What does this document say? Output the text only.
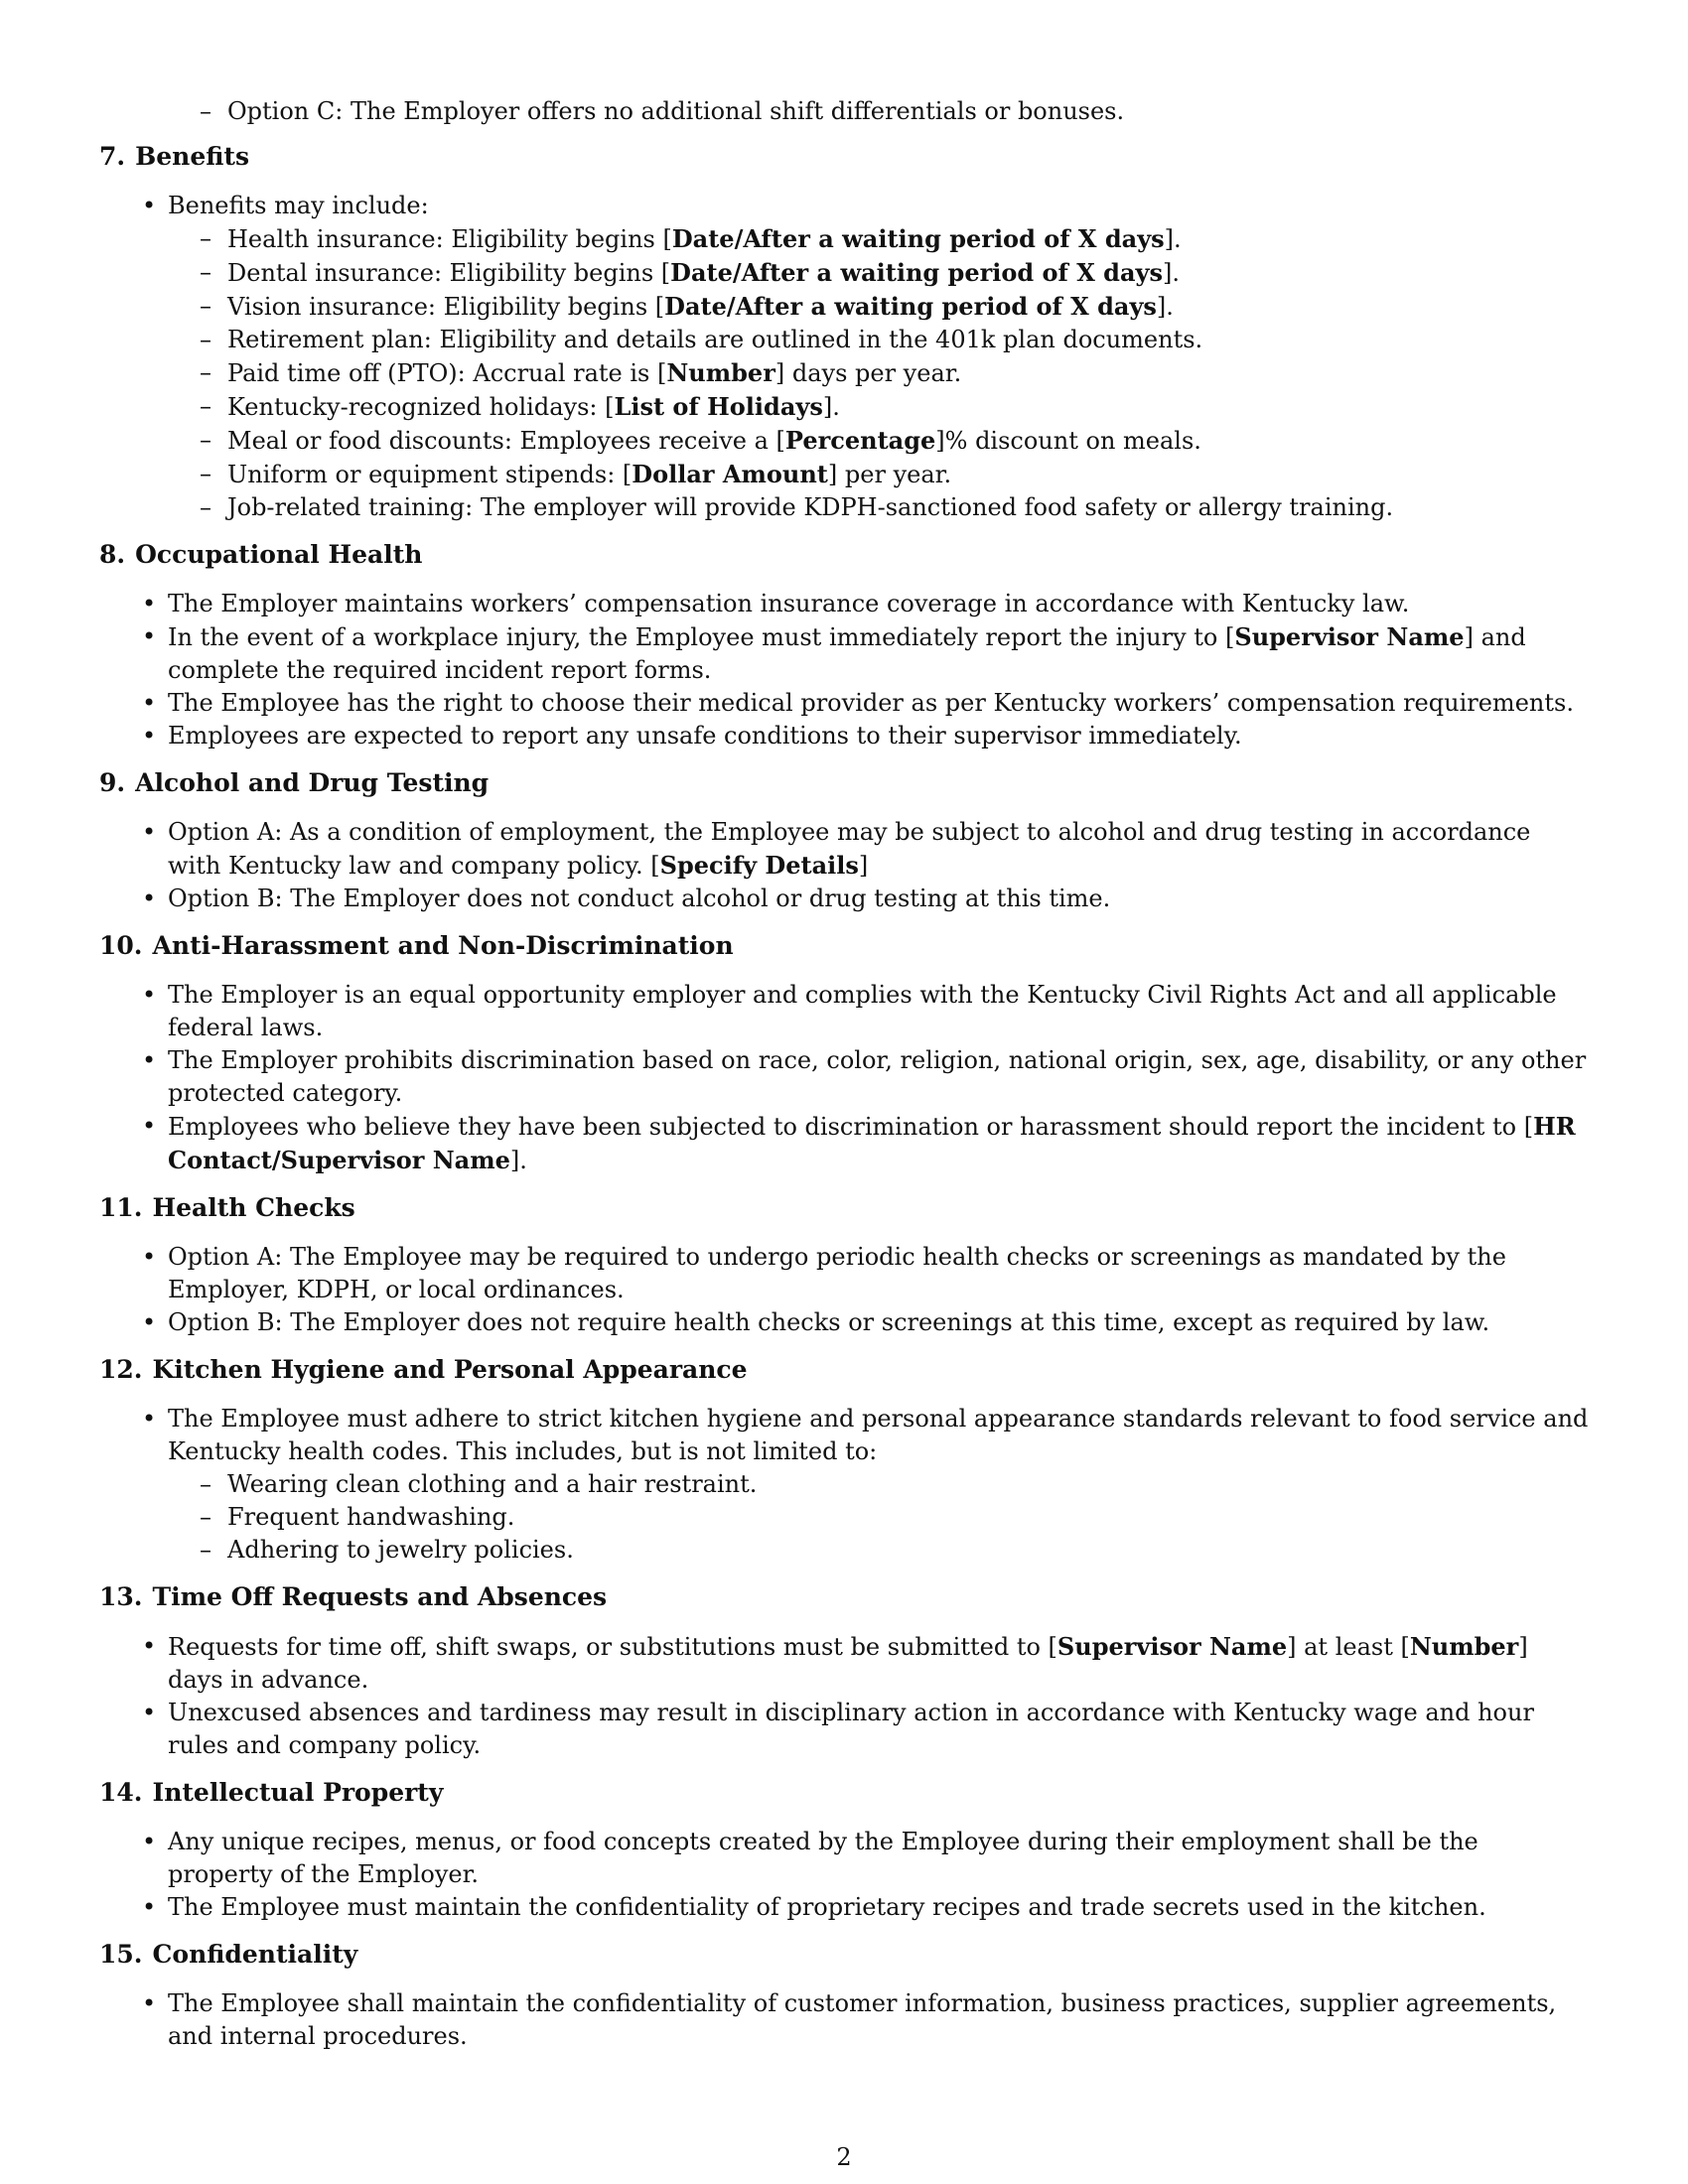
– Option C: The Employer offers no additional shift differentials or bonuses.
7. Benefits
• Benefits may include:
– Health insurance: Eligibility begins [Date/After a waiting period of X days].
– Dental insurance: Eligibility begins [Date/After a waiting period of X days].
– Vision insurance: Eligibility begins [Date/After a waiting period of X days].
– Retirement plan: Eligibility and details are outlined in the 401k plan documents.
– Paid time off (PTO): Accrual rate is [Number] days per year.
– Kentucky-recognized holidays: [List of Holidays].
– Meal or food discounts: Employees receive a [Percentage]% discount on meals.
– Uniform or equipment stipends: [Dollar Amount] per year.
– Job-related training: The employer will provide KDPH-sanctioned food safety or allergy training.
8. Occupational Health
• The Employer maintains workers’ compensation insurance coverage in accordance with Kentucky law.
• In the event of a workplace injury, the Employee must immediately report the injury to [Supervisor Name] and complete the required incident report forms.
• The Employee has the right to choose their medical provider as per Kentucky workers’ compensation requirements.
• Employees are expected to report any unsafe conditions to their supervisor immediately.
9. Alcohol and Drug Testing
• Option A: As a condition of employment, the Employee may be subject to alcohol and drug testing in accordance with Kentucky law and company policy. [Specify Details]
• Option B: The Employer does not conduct alcohol or drug testing at this time.
10. Anti-Harassment and Non-Discrimination
• The Employer is an equal opportunity employer and complies with the Kentucky Civil Rights Act and all applicable federal laws.
• The Employer prohibits discrimination based on race, color, religion, national origin, sex, age, disability, or any other protected category.
• Employees who believe they have been subjected to discrimination or harassment should report the incident to [HR Contact/Supervisor Name].
11. Health Checks
• Option A: The Employee may be required to undergo periodic health checks or screenings as mandated by the Employer, KDPH, or local ordinances.
• Option B: The Employer does not require health checks or screenings at this time, except as required by law.
12. Kitchen Hygiene and Personal Appearance
• The Employee must adhere to strict kitchen hygiene and personal appearance standards relevant to food service and Kentucky health codes. This includes, but is not limited to:
– Wearing clean clothing and a hair restraint.
– Frequent handwashing.
– Adhering to jewelry policies.
13. Time Off Requests and Absences
• Requests for time off, shift swaps, or substitutions must be submitted to [Supervisor Name] at least [Number] days in advance.
• Unexcused absences and tardiness may result in disciplinary action in accordance with Kentucky wage and hour rules and company policy.
14. Intellectual Property
• Any unique recipes, menus, or food concepts created by the Employee during their employment shall be the property of the Employer.
• The Employee must maintain the confidentiality of proprietary recipes and trade secrets used in the kitchen.
15. Confidentiality
• The Employee shall maintain the confidentiality of customer information, business practices, supplier agreements, and internal procedures.
2
